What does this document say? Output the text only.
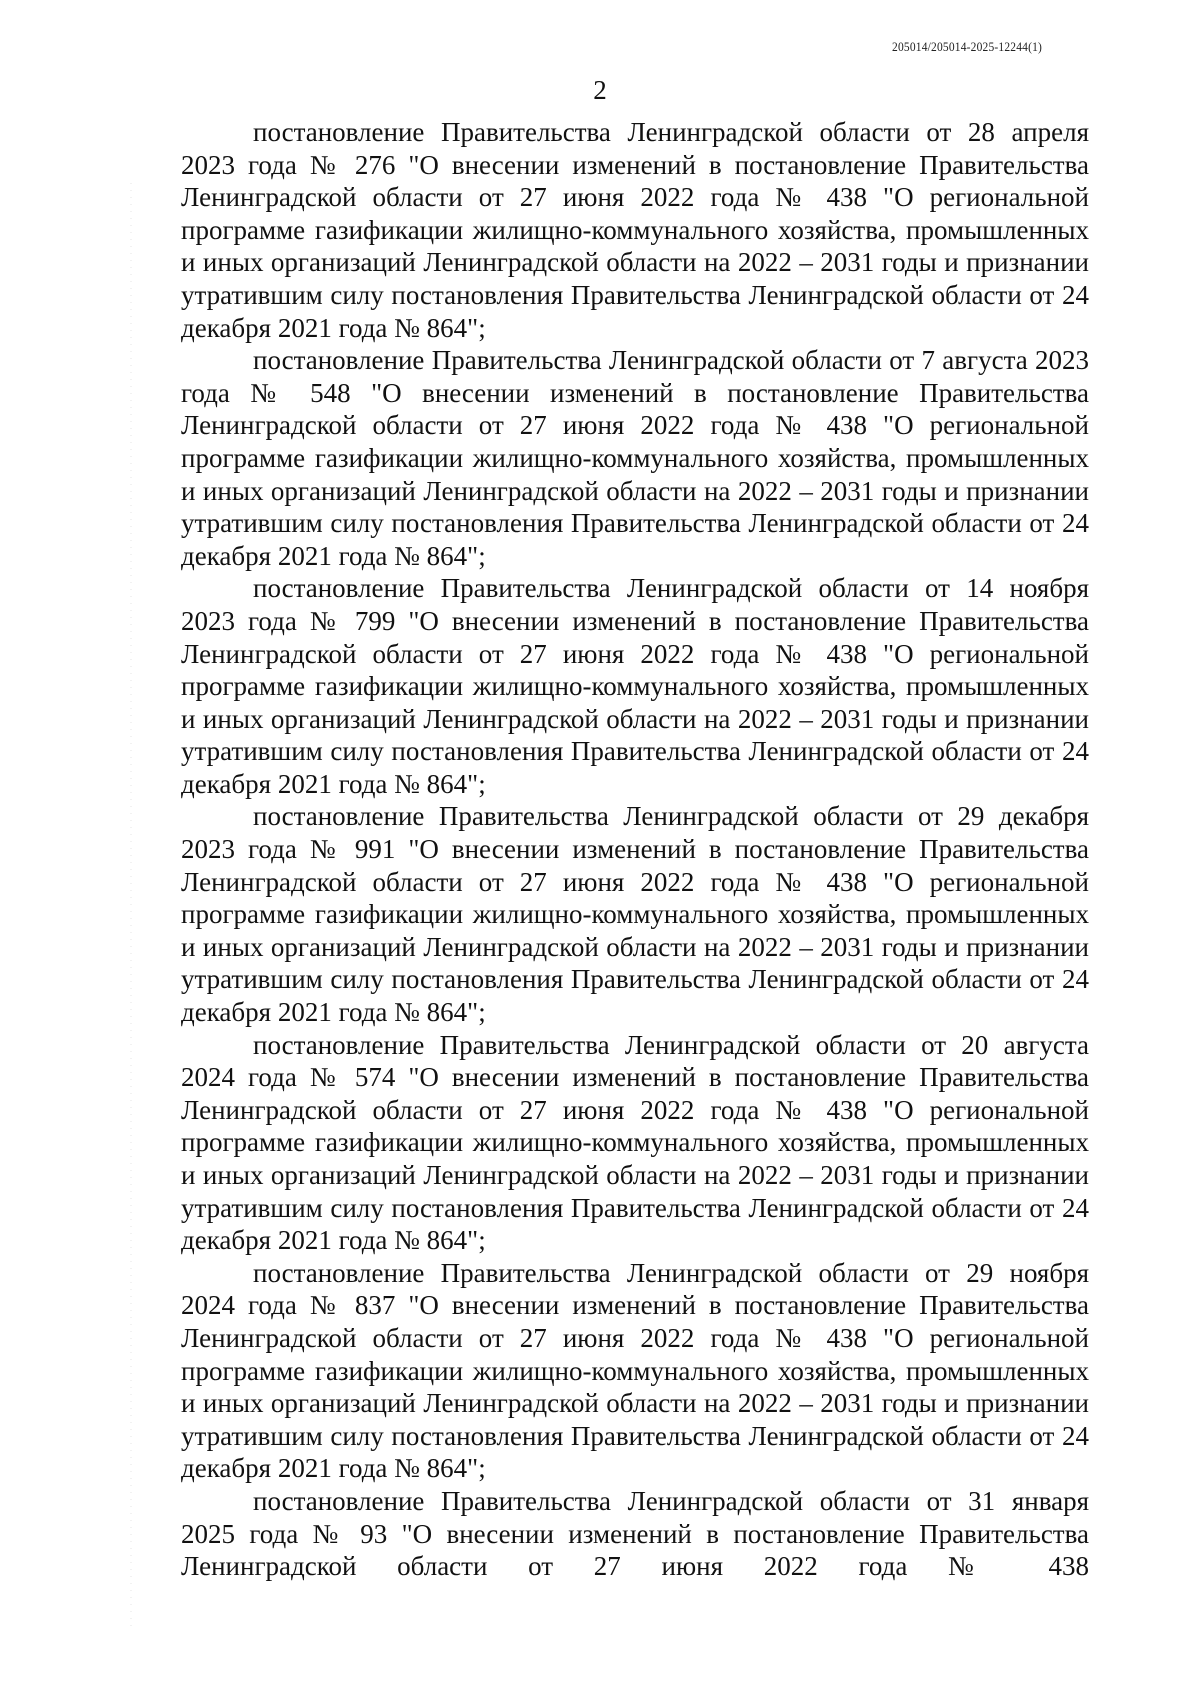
205014/205014-2025-12244(1)
2

постановление Правительства Ленинградской области от 28 апреля 2023 года № 276 "О внесении изменений в постановление Правительства Ленинградской области от 27 июня 2022 года № 438 "О региональной программе газификации жилищно-коммунального хозяйства, промышленных и иных организаций Ленинградской области на 2022 – 2031 годы и признании утратившим силу постановления Правительства Ленинградской области от 24 декабря 2021 года № 864";

постановление Правительства Ленинградской области от 7 августа 2023 года № 548 "О внесении изменений в постановление Правительства Ленинградской области от 27 июня 2022 года № 438 "О региональной программе газификации жилищно-коммунального хозяйства, промышленных и иных организаций Ленинградской области на 2022 – 2031 годы и признании утратившим силу постановления Правительства Ленинградской области от 24 декабря 2021 года № 864";

постановление Правительства Ленинградской области от 14 ноября 2023 года № 799 "О внесении изменений в постановление Правительства Ленинградской области от 27 июня 2022 года № 438 "О региональной программе газификации жилищно-коммунального хозяйства, промышленных и иных организаций Ленинградской области на 2022 – 2031 годы и признании утратившим силу постановления Правительства Ленинградской области от 24 декабря 2021 года № 864";

постановление Правительства Ленинградской области от 29 декабря 2023 года № 991 "О внесении изменений в постановление Правительства Ленинградской области от 27 июня 2022 года № 438 "О региональной программе газификации жилищно-коммунального хозяйства, промышленных и иных организаций Ленинградской области на 2022 – 2031 годы и признании утратившим силу постановления Правительства Ленинградской области от 24 декабря 2021 года № 864";

постановление Правительства Ленинградской области от 20 августа 2024 года № 574 "О внесении изменений в постановление Правительства Ленинградской области от 27 июня 2022 года № 438 "О региональной программе газификации жилищно-коммунального хозяйства, промышленных и иных организаций Ленинградской области на 2022 – 2031 годы и признании утратившим силу постановления Правительства Ленинградской области от 24 декабря 2021 года № 864";

постановление Правительства Ленинградской области от 29 ноября 2024 года № 837 "О внесении изменений в постановление Правительства Ленинградской области от 27 июня 2022 года № 438 "О региональной программе газификации жилищно-коммунального хозяйства, промышленных и иных организаций Ленинградской области на 2022 – 2031 годы и признании утратившим силу постановления Правительства Ленинградской области от 24 декабря 2021 года № 864";

постановление Правительства Ленинградской области от 31 января 2025 года № 93 "О внесении изменений в постановление Правительства Ленинградской области от 27 июня 2022 года № 438
